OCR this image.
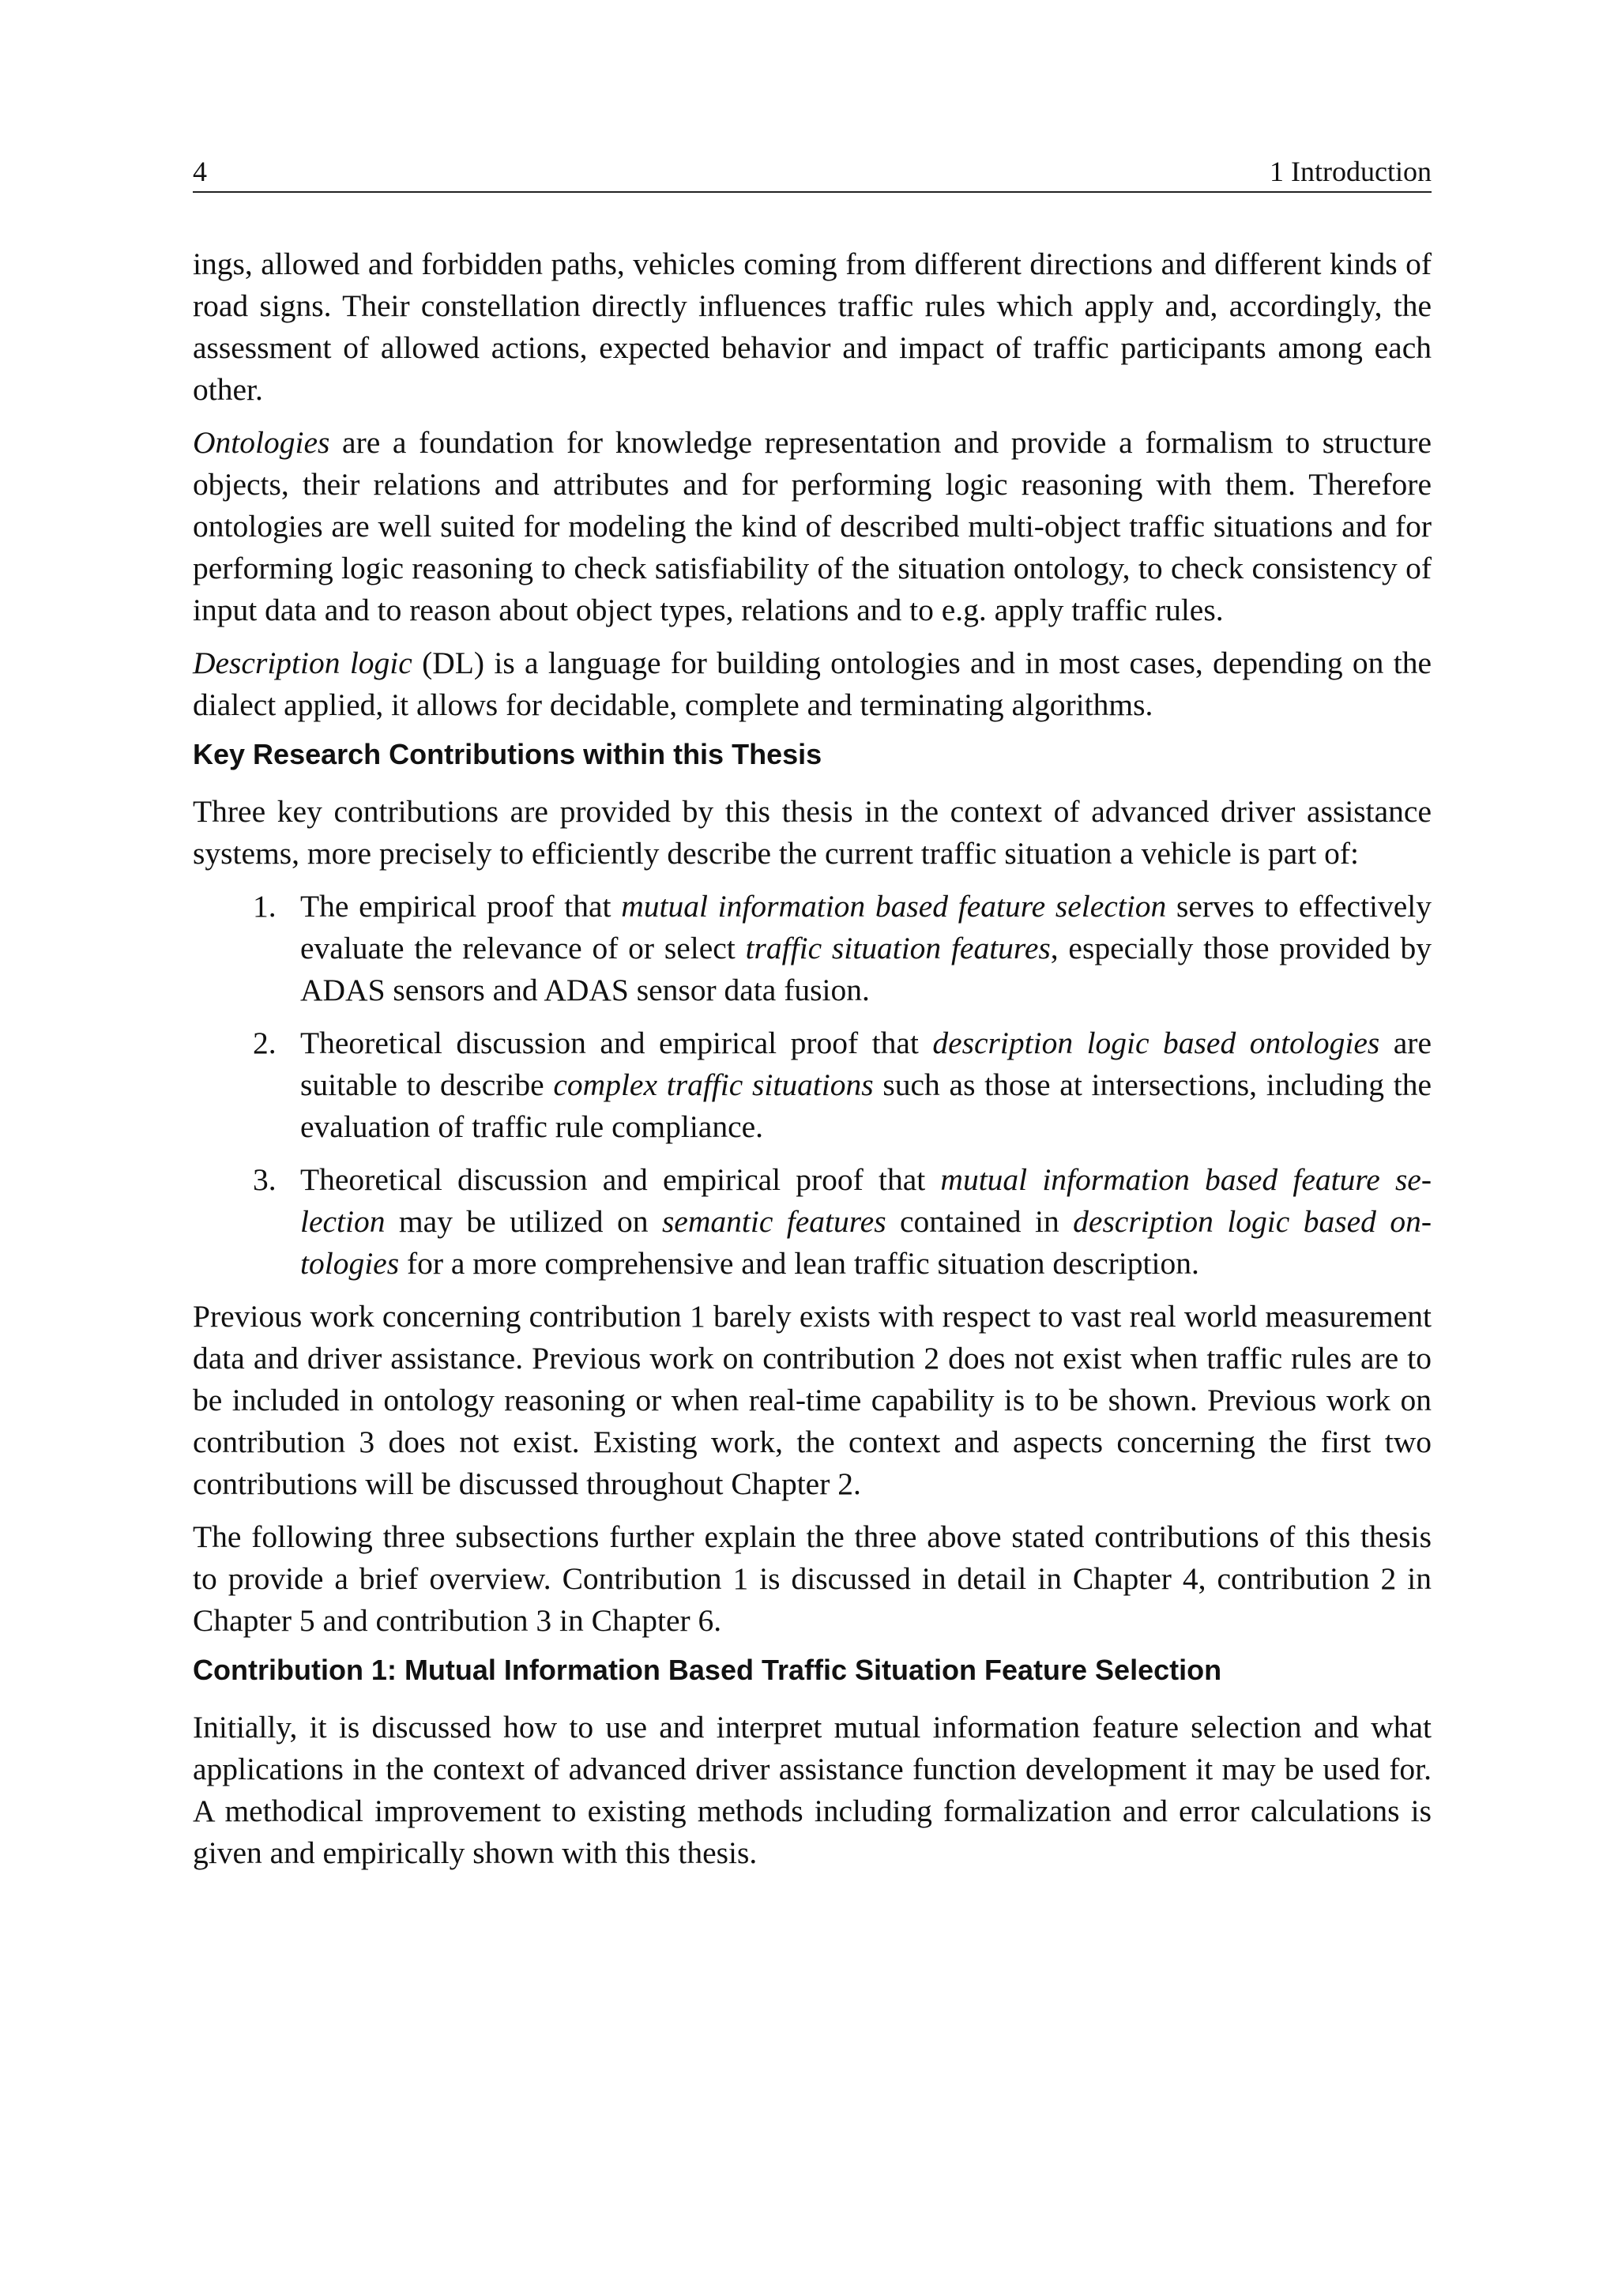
4	1 Introduction

ings, allowed and forbidden paths, vehicles coming from different directions and different kinds of road signs. Their constellation directly influences traffic rules which apply and, accordingly, the assessment of allowed actions, expected behavior and impact of traffic participants among each other.

Ontologies are a foundation for knowledge representation and provide a formalism to structure objects, their relations and attributes and for performing logic reasoning with them. Therefore ontologies are well suited for modeling the kind of described multi-object traffic situations and for performing logic reasoning to check satisfiability of the situation ontology, to check consistency of input data and to reason about object types, relations and to e.g. apply traffic rules.

Description logic (DL) is a language for building ontologies and in most cases, depending on the dialect applied, it allows for decidable, complete and terminating algorithms.

Key Research Contributions within this Thesis

Three key contributions are provided by this thesis in the context of advanced driver assistance systems, more precisely to efficiently describe the current traffic situation a vehicle is part of:

1. The empirical proof that mutual information based feature selection serves to effectively evaluate the relevance of or select traffic situation features, especially those provided by ADAS sensors and ADAS sensor data fusion.
2. Theoretical discussion and empirical proof that description logic based ontologies are suitable to describe complex traffic situations such as those at intersections, including the evaluation of traffic rule compliance.
3. Theoretical discussion and empirical proof that mutual information based feature selection may be utilized on semantic features contained in description logic based ontologies for a more comprehensive and lean traffic situation description.

Previous work concerning contribution 1 barely exists with respect to vast real world measurement data and driver assistance. Previous work on contribution 2 does not exist when traffic rules are to be included in ontology reasoning or when real-time capability is to be shown. Previous work on contribution 3 does not exist. Existing work, the context and aspects concerning the first two contributions will be discussed throughout Chapter 2.

The following three subsections further explain the three above stated contributions of this thesis to provide a brief overview. Contribution 1 is discussed in detail in Chapter 4, contribution 2 in Chapter 5 and contribution 3 in Chapter 6.

Contribution 1: Mutual Information Based Traffic Situation Feature Selection

Initially, it is discussed how to use and interpret mutual information feature selection and what applications in the context of advanced driver assistance function development it may be used for. A methodical improvement to existing methods including formalization and error calculations is given and empirically shown with this thesis.
